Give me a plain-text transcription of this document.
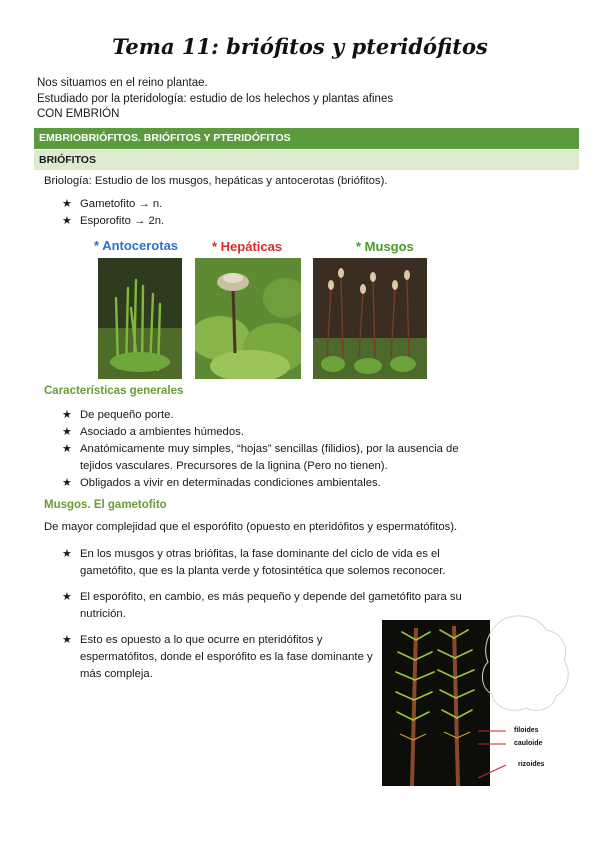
Tema 11: briófitos y pteridófitos
Nos situamos en el reino plantae.
Estudiado por la pteridología: estudio de los helechos y plantas afines
CON EMBRIÓN
EMBRIOBRIÓFITOS. BRIÓFITOS Y PTERIDÓFITOS
BRIÓFITOS
Briología: Estudio de los musgos, hepáticas y antocerotas (briófitos).
★ Gametofito → n.
★ Esporofito → 2n.
* Antocerotas	* Hepáticas	* Musgos
Características generales
★ De pequeño porte.
★ Asociado a ambientes húmedos.
★ Anatómicamente muy simples, “hojas” sencillas (filidios), por la ausencia de
tejidos vasculares. Precursores de la lignina (Pero no tienen).
★ Obligados a vivir en determinadas condiciones ambientales.
Musgos. El gametofito
De mayor complejidad que el esporófito (opuesto en pteridófitos y espermatófitos).
★ En los musgos y otras briófitas, la fase dominante del ciclo de vida es el
gametófito, que es la planta verde y fotosintética que solemos reconocer.
★ El esporófito, en cambio, es más pequeño y depende del gametófito para su
nutrición.
★ Esto es opuesto a lo que ocurre en pteridófitos y
espermatófitos, donde el esporófito es la fase dominante y
más compleja.
filoides
cauloide
rizoides
